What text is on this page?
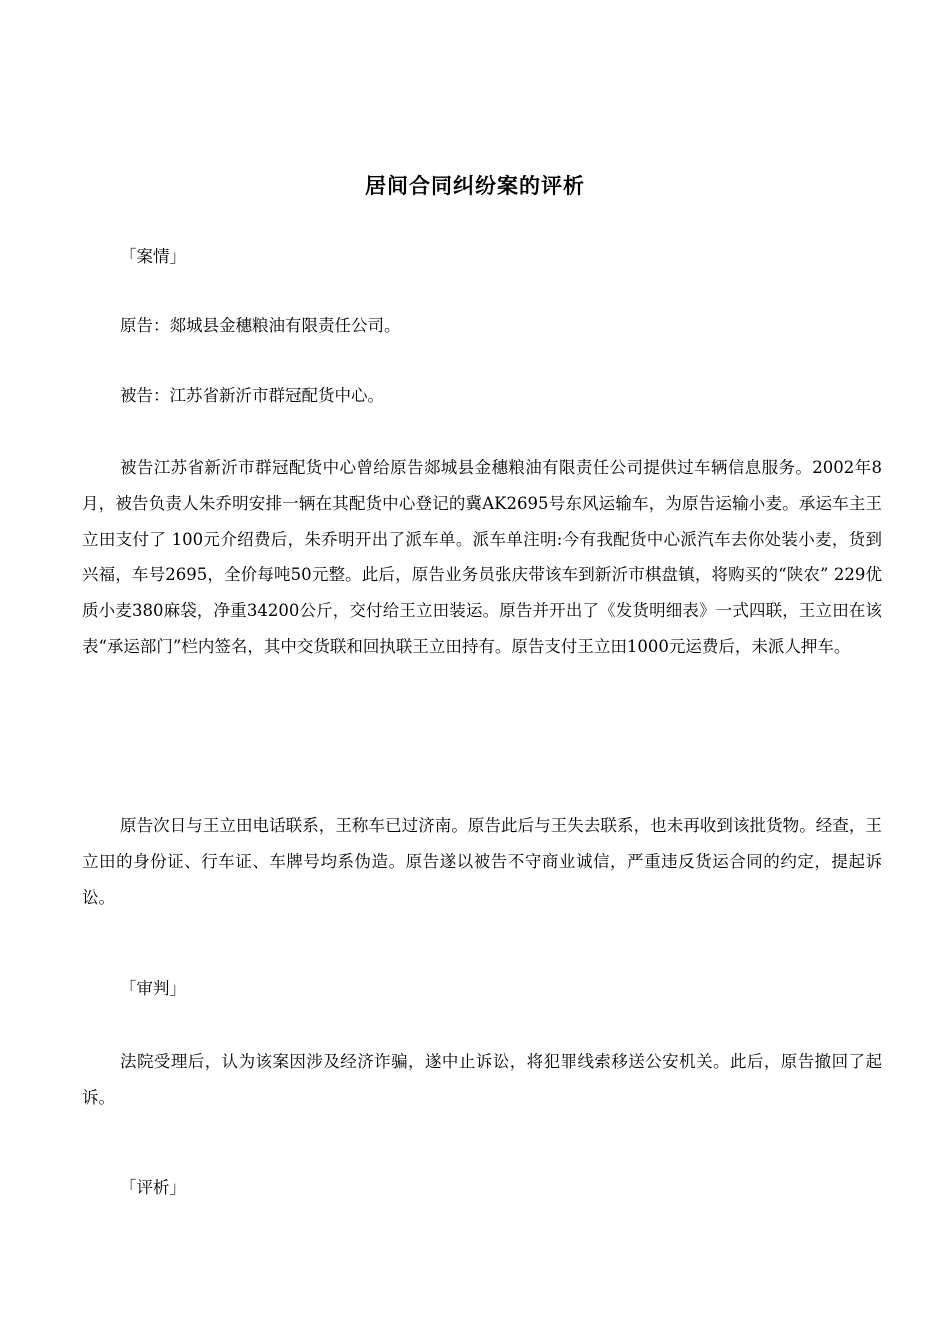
居间合同纠纷案的评析

「案情」

原告：郯城县金穗粮油有限责任公司。

被告：江苏省新沂市群冠配货中心。

被告江苏省新沂市群冠配货中心曾给原告郯城县金穗粮油有限责任公司提供过车辆信息服务。2002年8月，被告负责人朱乔明安排一辆在其配货中心登记的冀AK2695号东风运输车，为原告运输小麦。承运车主王立田支付了 100元介绍费后，朱乔明开出了派车单。派车单注明:今有我配货中心派汽车去你处装小麦，货到兴福，车号2695，全价每吨50元整。此后，原告业务员张庆带该车到新沂市棋盘镇，将购买的“陕农” 229优质小麦380麻袋，净重34200公斤，交付给王立田装运。原告并开出了《发货明细表》一式四联，王立田在该表“承运部门”栏内签名，其中交货联和回执联王立田持有。原告支付王立田1000元运费后，未派人押车。

原告次日与王立田电话联系，王称车已过济南。原告此后与王失去联系，也未再收到该批货物。经查，王立田的身份证、行车证、车牌号均系伪造。原告遂以被告不守商业诚信，严重违反货运合同的约定，提起诉讼。

「审判」

法院受理后，认为该案因涉及经济诈骗，遂中止诉讼，将犯罪线索移送公安机关。此后，原告撤回了起诉。

「评析」
